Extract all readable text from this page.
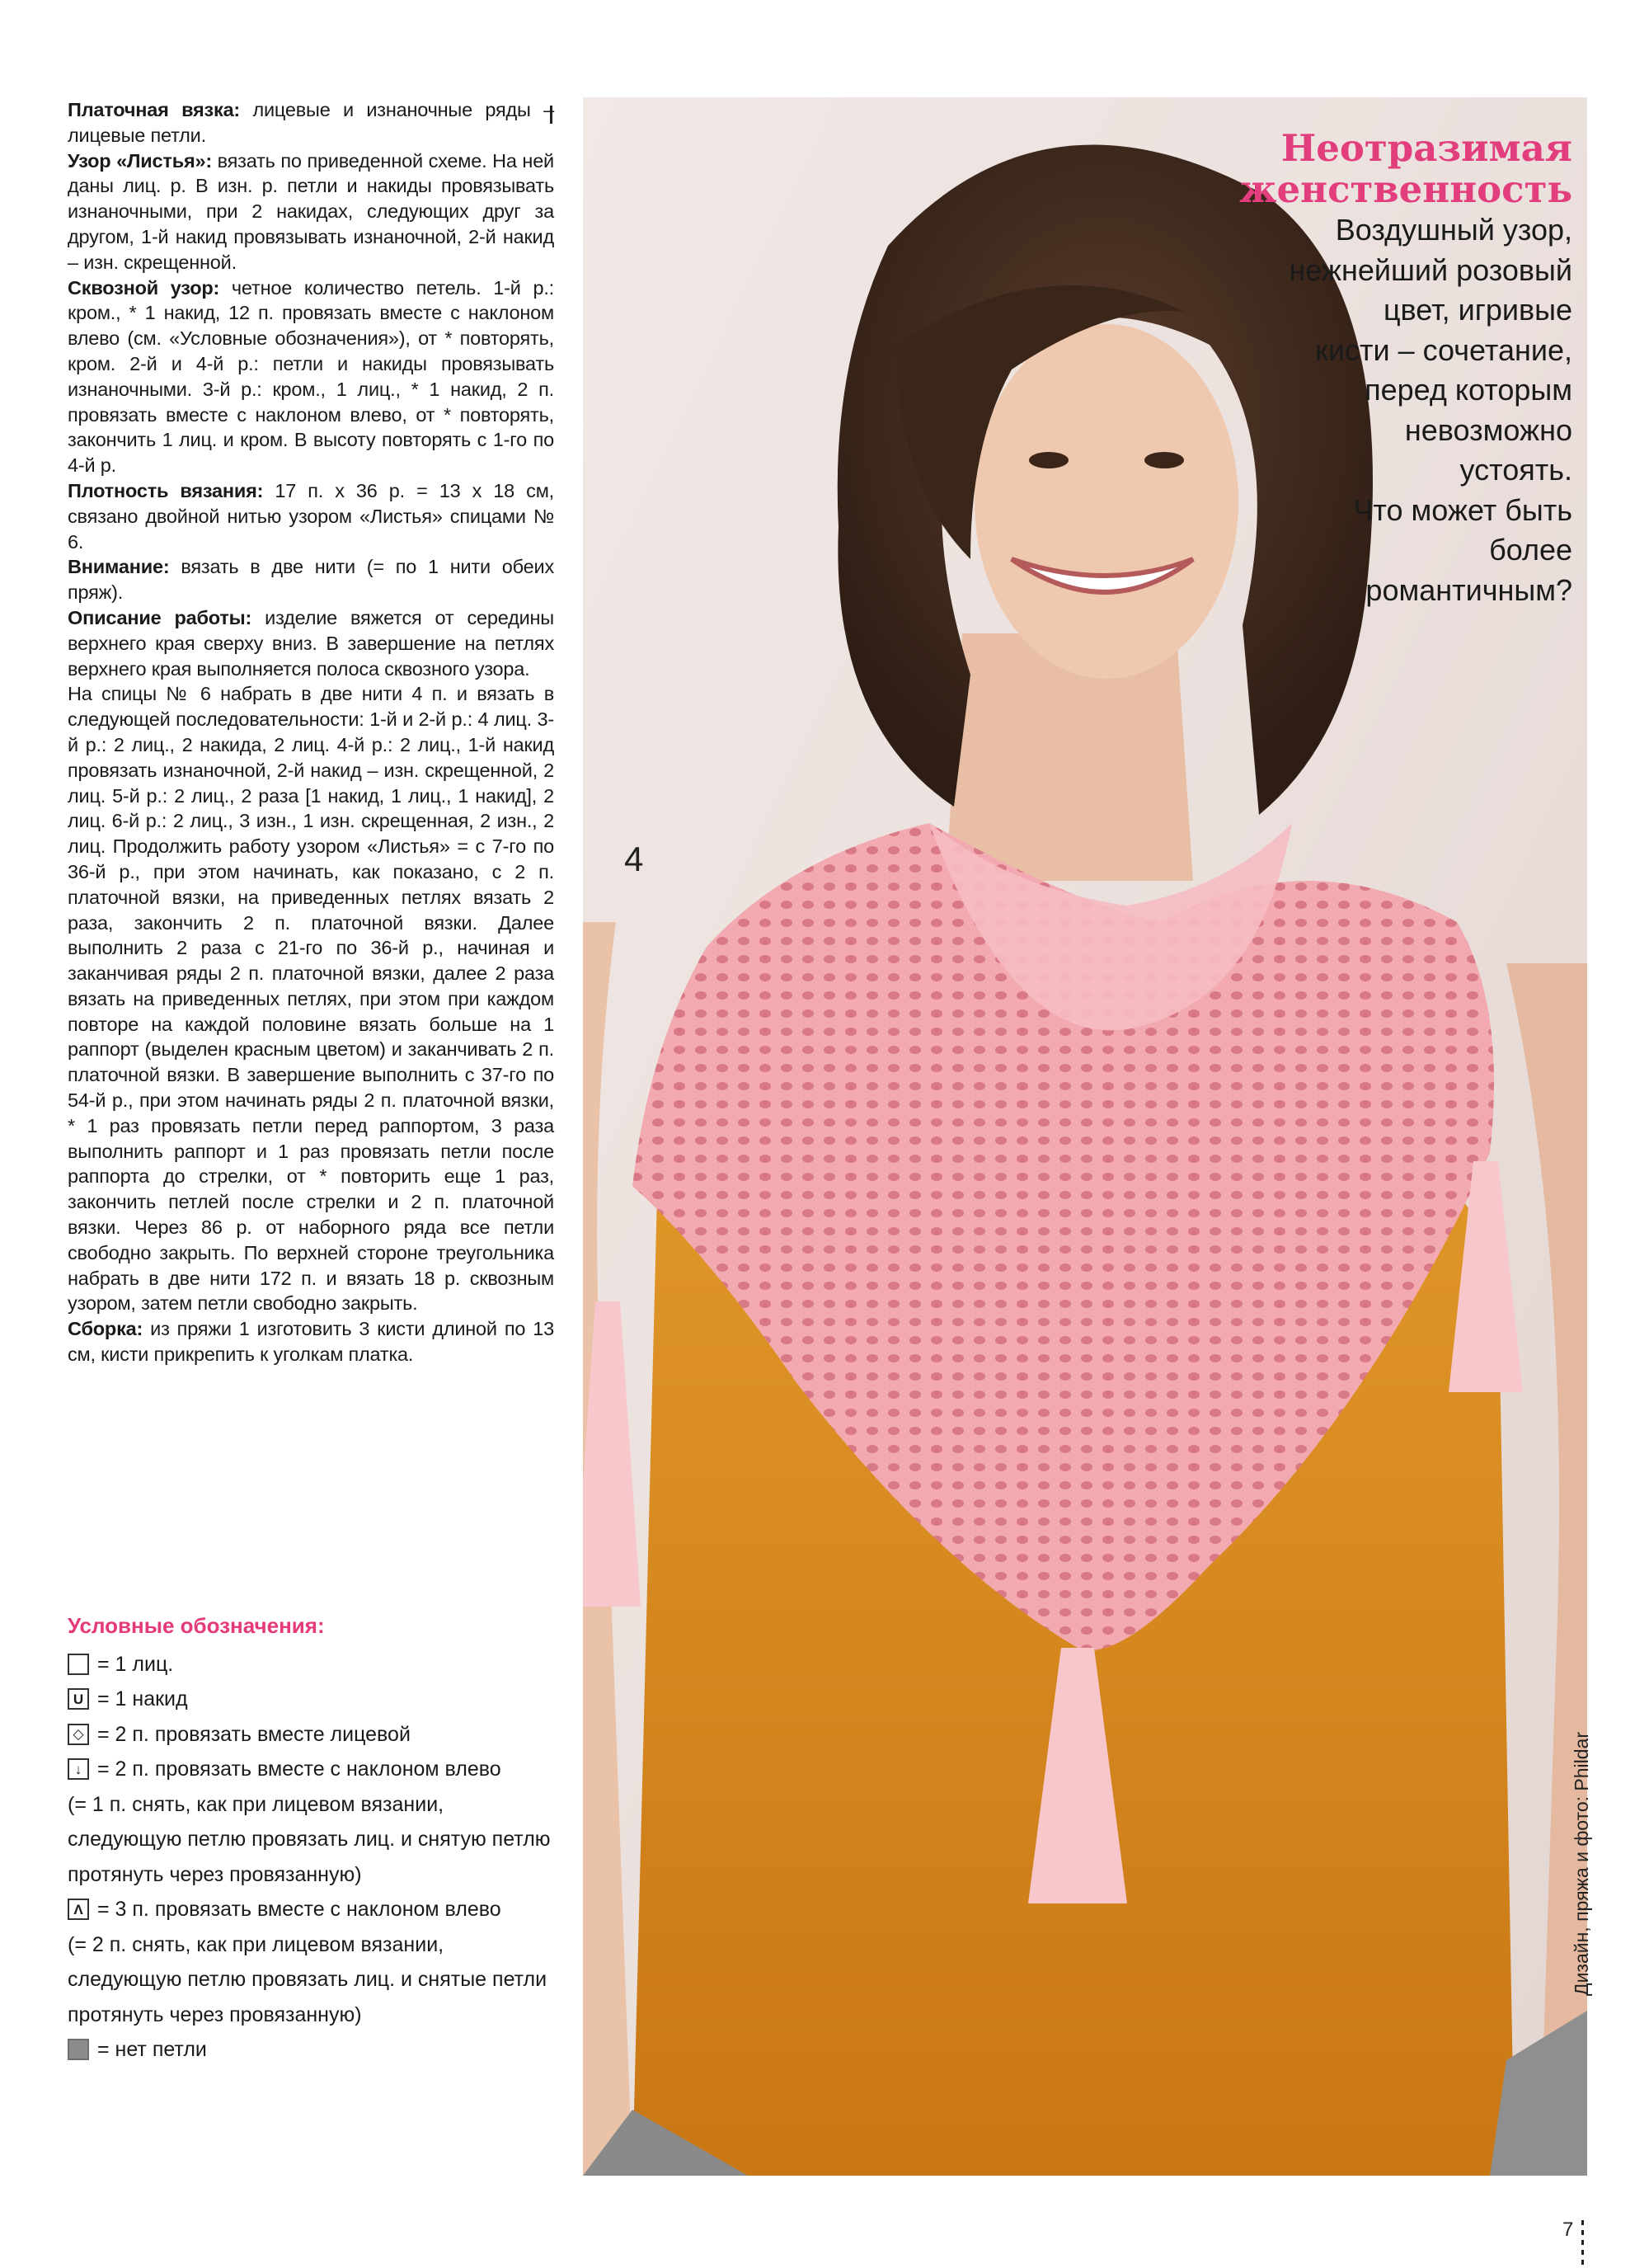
Платочная вязка: лицевые и изнаночные ряды – лицевые петли.

Узор «Листья»: вязать по приведенной схеме. На ней даны лиц. р. В изн. р. петли и накиды провязывать изнаночными, при 2 накидах, следующих друг за другом, 1-й накид провязывать изнаночной, 2-й накид – изн. скрещенной.

Сквозной узор: четное количество петель. 1-й р.: кром., * 1 накид, 12 п. провязать вместе с наклоном влево (см. «Условные обозначения»), от * повторять, кром. 2-й и 4-й р.: петли и накиды провязывать изнаночными. 3-й р.: кром., 1 лиц., * 1 накид, 2 п. провязать вместе с наклоном влево, от * повторять, закончить 1 лиц. и кром. В высоту повторять с 1-го по 4-й р.

Плотность вязания: 17 п. х 36 р. = 13 х 18 см, связано двойной нитью узором «Листья» спицами № 6.

Внимание: вязать в две нити (= по 1 нити обеих пряж).

Описание работы: изделие вяжется от середины верхнего края сверху вниз. В завершение на петлях верхнего края выполняется полоса сквозного узора.

На спицы № 6 набрать в две нити 4 п. и вязать в следующей последовательности: 1-й и 2-й р.: 4 лиц. 3-й р.: 2 лиц., 2 накида, 2 лиц. 4-й р.: 2 лиц., 1-й накид провязать изнаночной, 2-й накид – изн. скрещенной, 2 лиц. 5-й р.: 2 лиц., 2 раза [1 накид, 1 лиц., 1 накид], 2 лиц. 6-й р.: 2 лиц., 3 изн., 1 изн. скрещенная, 2 изн., 2 лиц. Продолжить работу узором «Листья» = с 7-го по 36-й р., при этом начинать, как показано, с 2 п. платочной вязки, на приведенных петлях вязать 2 раза, закончить 2 п. платочной вязки. Далее выполнить 2 раза с 21-го по 36-й р., начиная и заканчивая ряды 2 п. платочной вязки, далее 2 раза вязать на приведенных петлях, при этом при каждом повторе на каждой половине вязать больше на 1 раппорт (выделен красным цветом) и заканчивать 2 п. платочной вязки. В завершение выполнить с 37-го по 54-й р., при этом начинать ряды 2 п. платочной вязки, * 1 раз провязать петли перед раппортом, 3 раза выполнить раппорт и 1 раз провязать петли после раппорта до стрелки, от * повторить еще 1 раз, закончить петлей после стрелки и 2 п. платочной вязки. Через 86 р. от наборного ряда все петли свободно закрыть. По верхней стороне треугольника набрать в две нити 172 п. и вязать 18 р. сквозным узором, затем петли свободно закрыть.

Сборка: из пряжи 1 изготовить 3 кисти длиной по 13 см, кисти прикрепить к уголкам платка.

Условные обозначения:
= 1 лиц.
U = 1 накид
◇ = 2 п. провязать вместе лицевой
↓ = 2 п. провязать вместе с наклоном влево
(= 1 п. снять, как при лицевом вязании, следующую петлю провязать лиц. и снятую петлю протянуть через провязанную)
Λ = 3 п. провязать вместе с наклоном влево
(= 2 п. снять, как при лицевом вязании, следующую петлю провязать лиц. и снятые петли протянуть через провязанную)
= нет петли
Неотразимая
женственность
Воздушный узор,
нежнейший розовый
цвет, игривые
кисти – сочетание,
перед которым
невозможно
устоять.
Что может быть
более
романтичным?
4
Дизайн, пряжа и фото: Phildar
7
